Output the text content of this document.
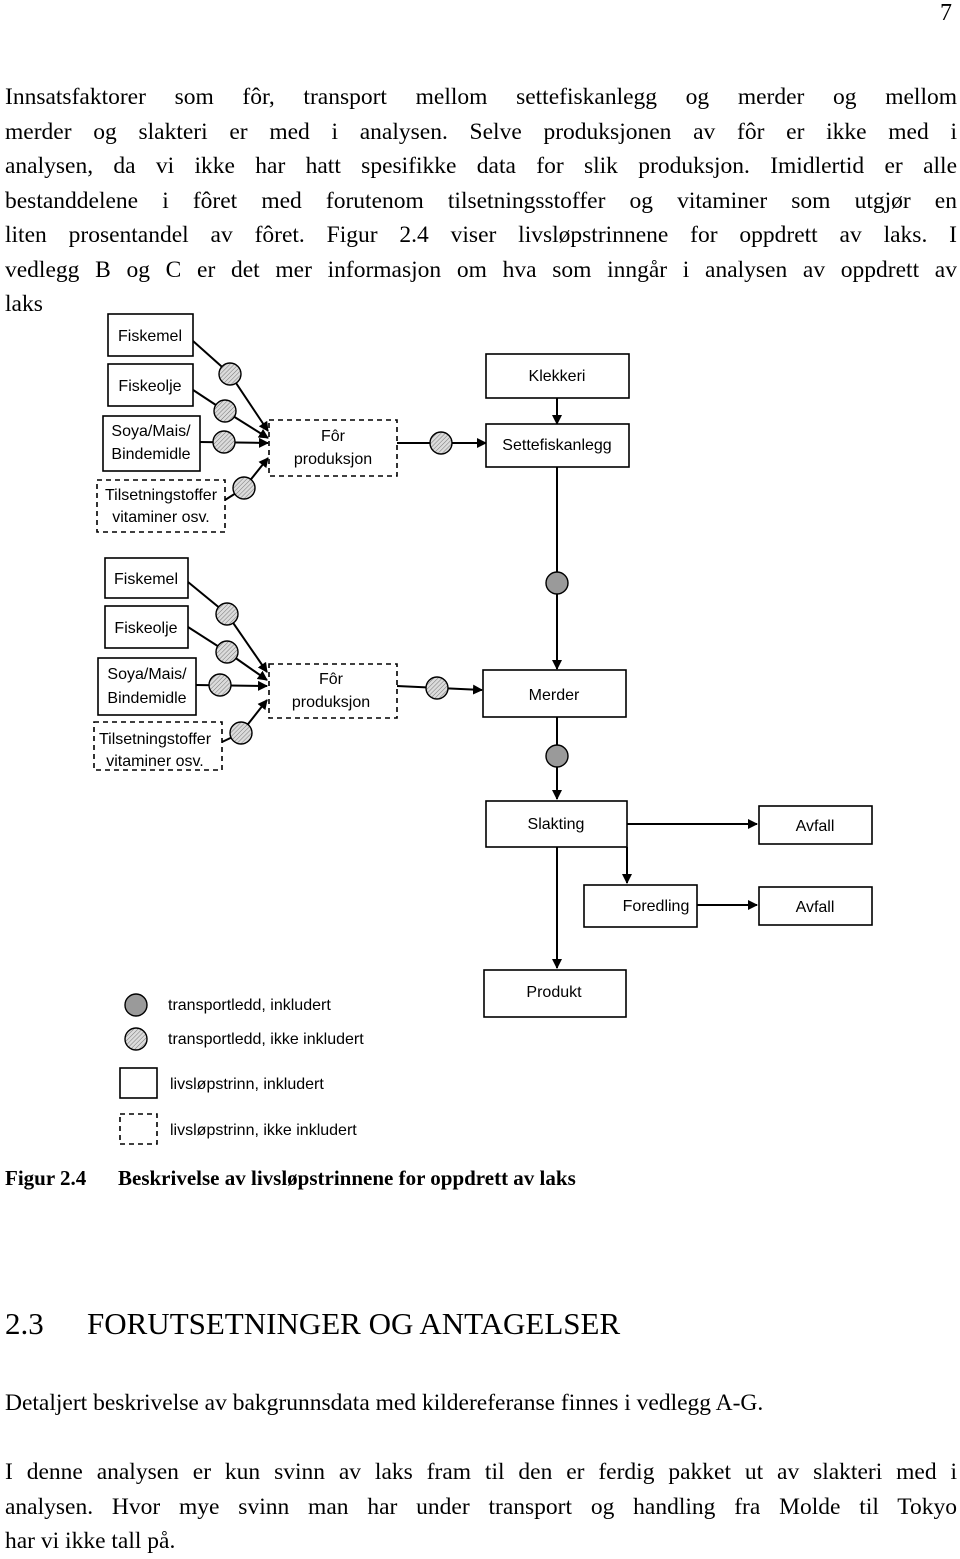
7
Innsatsfaktorer som fôr, transport mellom settefiskanlegg og merder og mellom
merder og slakteri er med i analysen. Selve produksjonen av fôr er ikke med i
analysen, da vi ikke har hatt spesifikke data for slik produksjon. Imidlertid er alle
bestanddelene i fôret med forutenom tilsetningsstoffer og vitaminer som utgjør en
liten prosentandel av fôret. Figur 2.4 viser livsløpstrinnene for oppdrett av laks. I
vedlegg B og C er det mer informasjon om hva som inngår i analysen av oppdrett av
laks
Fiskemel
Fiskeolje
Soya/Mais/
Bindemidle
Tilsetningstoffer
vitaminer osv.
Fôr
produksjon
Klekkeri
Settefiskanlegg
Fiskemel
Fiskeolje
Soya/Mais/
Bindemidle
Tilsetningstoffer
vitaminer osv.
Fôr
produksjon	Merder
Slakting	Avfall
Foredling	Avfall
Produkt
transportledd, inkludert
transportledd, ikke inkludert
livsløpstrinn, inkludert
livsløpstrinn, ikke inkludert
Figur 2.4 Beskrivelse av livsløpstrinnene for oppdrett av laks
2.3 FORUTSETNINGER OG ANTAGELSER
Detaljert beskrivelse av bakgrunnsdata med kildereferanse finnes i vedlegg A-G.
I denne analysen er kun svinn av laks fram til den er ferdig pakket ut av slakteri med i
analysen. Hvor mye svinn man har under transport og handling fra Molde til Tokyo
har vi ikke tall på.
